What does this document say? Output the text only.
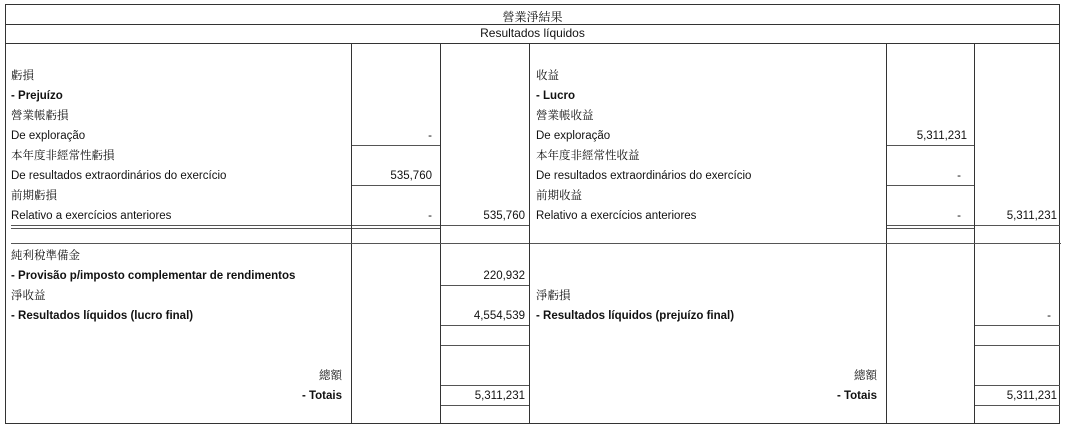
營業淨結果
Resultados líquidos
虧損
- Prejuízo
營業帳虧損
De exploração
本年度非經常性虧損
De resultados extraordinários do exercício
前期虧損
Relativo a exercícios anteriores
純利稅準備金
- Provisão p/imposto complementar de rendimentos
淨收益
- Resultados líquidos (lucro final)
總額
- Totais
-
535,760
-	535,760
220,932
4,554,539
5,311,231
收益
- Lucro
營業帳收益
De exploração
本年度非經常性收益
De resultados extraordinários do exercício
前期收益
Relativo a exercícios anteriores
淨虧損
- Resultados líquidos (prejuízo final)
總額
- Totais
5,311,231
-
-	5,311,231
-
5,311,231
